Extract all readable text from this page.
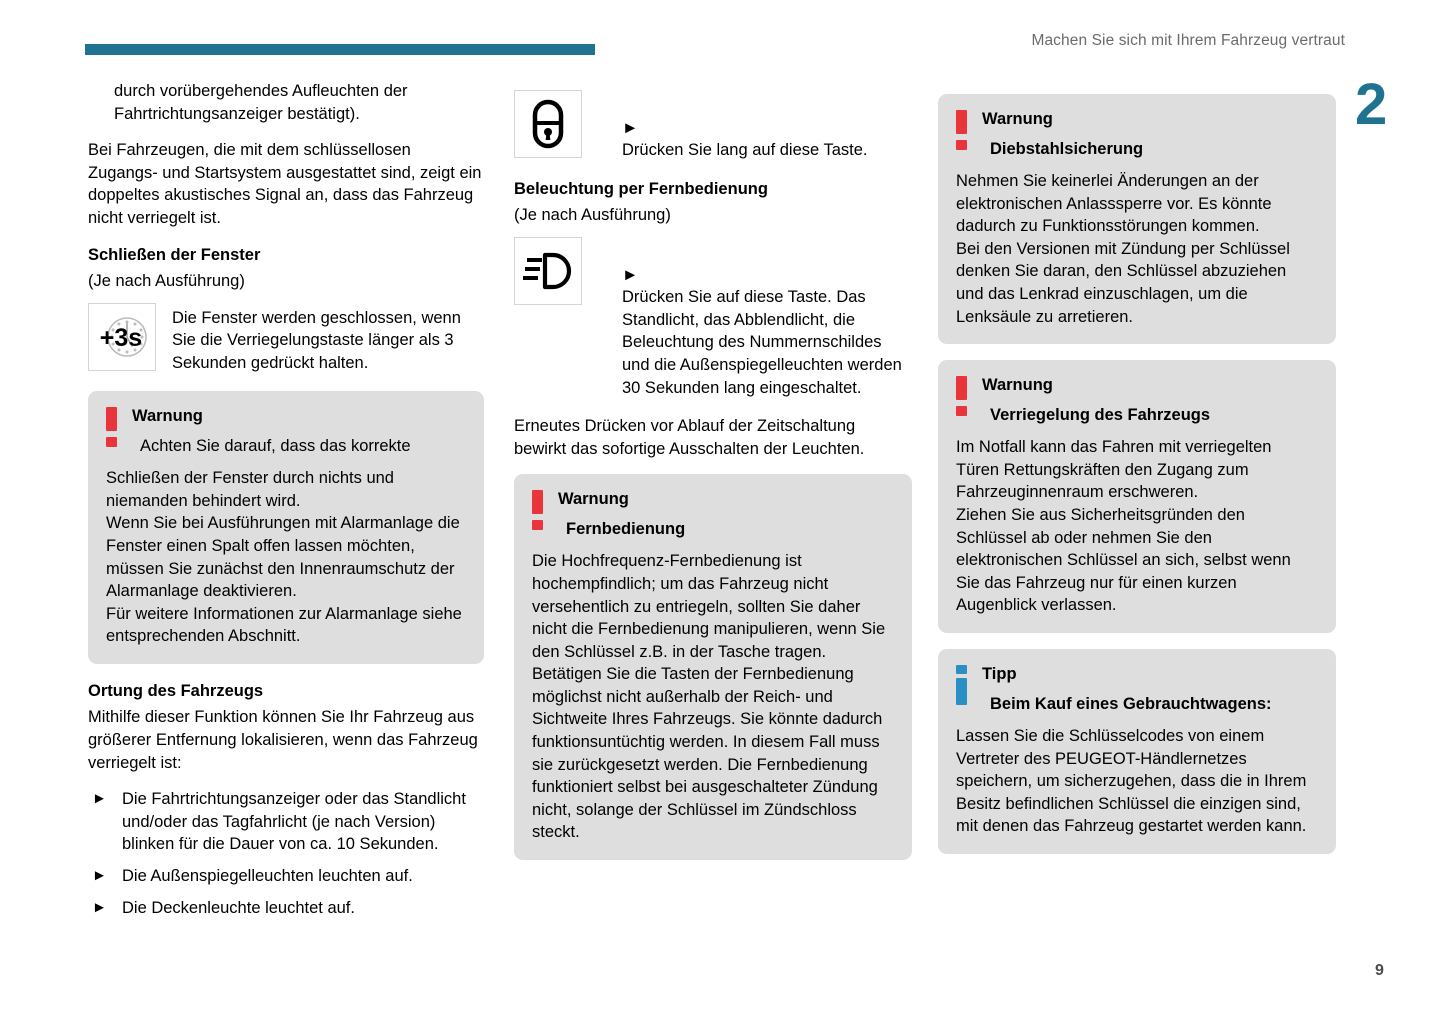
Machen Sie sich mit Ihrem Fahrzeug vertraut
2
9

durch vorübergehendes Aufleuchten der Fahrtrichtungsanzeiger bestätigt).

Bei Fahrzeugen, die mit dem schlüssellosen Zugangs- und Startsystem ausgestattet sind, zeigt ein doppeltes akustisches Signal an, dass das Fahrzeug nicht verriegelt ist.

Schließen der Fenster

(Je nach Ausführung)

+3s
Die Fenster werden geschlossen, wenn Sie die Verriegelungstaste länger als 3 Sekunden gedrückt halten.

Warnung

Achten Sie darauf, dass das korrekte

Schließen der Fenster durch nichts und niemanden behindert wird.
Wenn Sie bei Ausführungen mit Alarmanlage die Fenster einen Spalt offen lassen möchten, müssen Sie zunächst den Innenraumschutz der Alarmanlage deaktivieren.
Für weitere Informationen zur Alarmanlage siehe entsprechenden Abschnitt.

Ortung des Fahrzeugs

Mithilfe dieser Funktion können Sie Ihr Fahrzeug aus größerer Entfernung lokalisieren, wenn das Fahrzeug verriegelt ist:

► Die Fahrtrichtungsanzeiger oder das Standlicht und/oder das Tagfahrlicht (je nach Version) blinken für die Dauer von ca. 10 Sekunden.
► Die Außenspiegelleuchten leuchten auf.
► Die Deckenleuchte leuchtet auf.

►
Drücken Sie lang auf diese Taste.

Beleuchtung per Fernbedienung

(Je nach Ausführung)

►
Drücken Sie auf diese Taste. Das Standlicht, das Abblendlicht, die Beleuchtung des Nummernschildes und die Außenspiegelleuchten werden 30 Sekunden lang eingeschaltet.

Erneutes Drücken vor Ablauf der Zeitschaltung bewirkt das sofortige Ausschalten der Leuchten.

Warnung

Fernbedienung

Die Hochfrequenz-Fernbedienung ist hochempfindlich; um das Fahrzeug nicht versehentlich zu entriegeln, sollten Sie daher nicht die Fernbedienung manipulieren, wenn Sie den Schlüssel z.B. in der Tasche tragen. Betätigen Sie die Tasten der Fernbedienung möglichst nicht außerhalb der Reich- und Sichtweite Ihres Fahrzeugs. Sie könnte dadurch funktionsuntüchtig werden. In diesem Fall muss sie zurückgesetzt werden. Die Fernbedienung funktioniert selbst bei ausgeschalteter Zündung nicht, solange der Schlüssel im Zündschloss steckt.

Warnung

Diebstahlsicherung

Nehmen Sie keinerlei Änderungen an der elektronischen Anlasssperre vor. Es könnte dadurch zu Funktionsstörungen kommen.
Bei den Versionen mit Zündung per Schlüssel denken Sie daran, den Schlüssel abzuziehen und das Lenkrad einzuschlagen, um die Lenksäule zu arretieren.

Warnung

Verriegelung des Fahrzeugs

Im Notfall kann das Fahren mit verriegelten Türen Rettungskräften den Zugang zum Fahrzeuginnenraum erschweren.
Ziehen Sie aus Sicherheitsgründen den Schlüssel ab oder nehmen Sie den elektronischen Schlüssel an sich, selbst wenn Sie das Fahrzeug nur für einen kurzen Augenblick verlassen.

Tipp

Beim Kauf eines Gebrauchtwagens:

Lassen Sie die Schlüsselcodes von einem Vertreter des PEUGEOT-Händlernetzes speichern, um sicherzugehen, dass die in Ihrem Besitz befindlichen Schlüssel die einzigen sind, mit denen das Fahrzeug gestartet werden kann.
